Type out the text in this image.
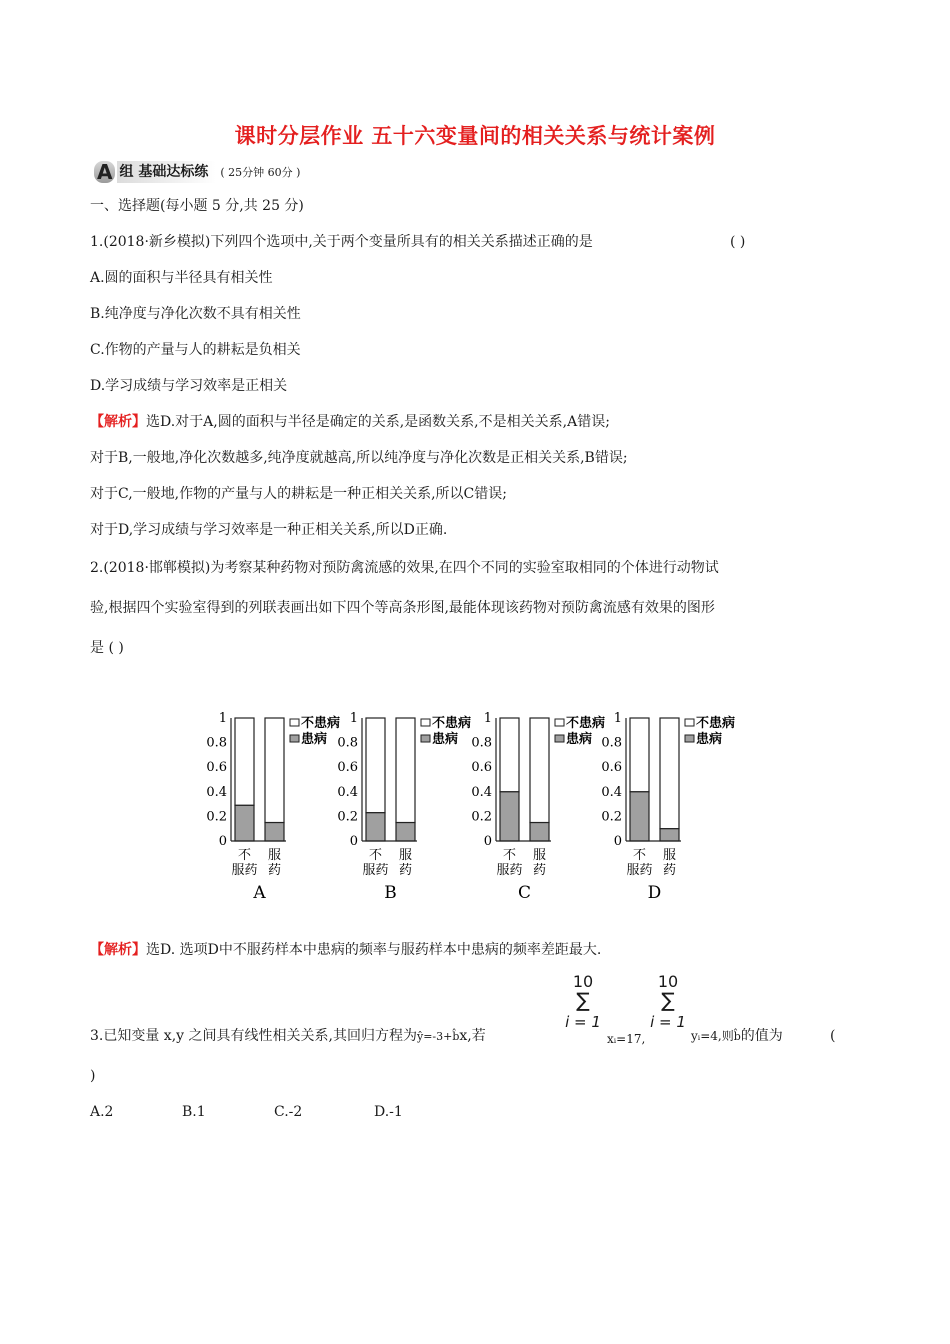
课时分层作业 五十六变量间的相关关系与统计案例
A 组 基础达标练	( 25分钟 60分 )
一、选择题(每小题 5 分,共 25 分)
1.(2018·新乡模拟)下列四个选项中,关于两个变量所具有的相关关系描述正确的是	( )
A.圆的面积与半径具有相关性
B.纯净度与净化次数不具有相关性
C.作物的产量与人的耕耘是负相关
D.学习成绩与学习效率是正相关
【解析】选D.对于A,圆的面积与半径是确定的关系,是函数关系,不是相关关系,A错误;
对于B,一般地,净化次数越多,纯净度就越高,所以纯净度与净化次数是正相关关系,B错误;
对于C,一般地,作物的产量与人的耕耘是一种正相关关系,所以C错误;
对于D,学习成绩与学习效率是一种正相关关系,所以D正确.
2.(2018·邯郸模拟)为考察某种药物对预防禽流感的效果,在四个不同的实验室取相同的个体进行动物试
验,根据四个实验室得到的列联表画出如下四个等高条形图,最能体现该药物对预防禽流感有效果的图形
是 ( )
0
0.2
0.4
0.6
0.8
1
不
服药
服
药
不患病
患病
A
0
0.2
0.4
0.6
0.8
1
不
服药
服
药
不患病
患病
B
0
0.2
0.4
0.6
0.8
1
不
服药
服
药
不患病
患病
C
0
0.2
0.4
0.6
0.8
1
不
服药
服
药
不患病
患病
D
【解析】选D. 选项D中不服药样本中患病的频率与服药样本中患病的频率差距最大.
10
∑
i = 1
10
∑
i = 1
3.已知变量 x,y 之间具有线性相关关系,其回归方程为ŷ=-3+b̂x,若	xᵢ=17,	yᵢ=4,则b̂的值为	(
)
A.2	B.1	C.-2	D.-1
